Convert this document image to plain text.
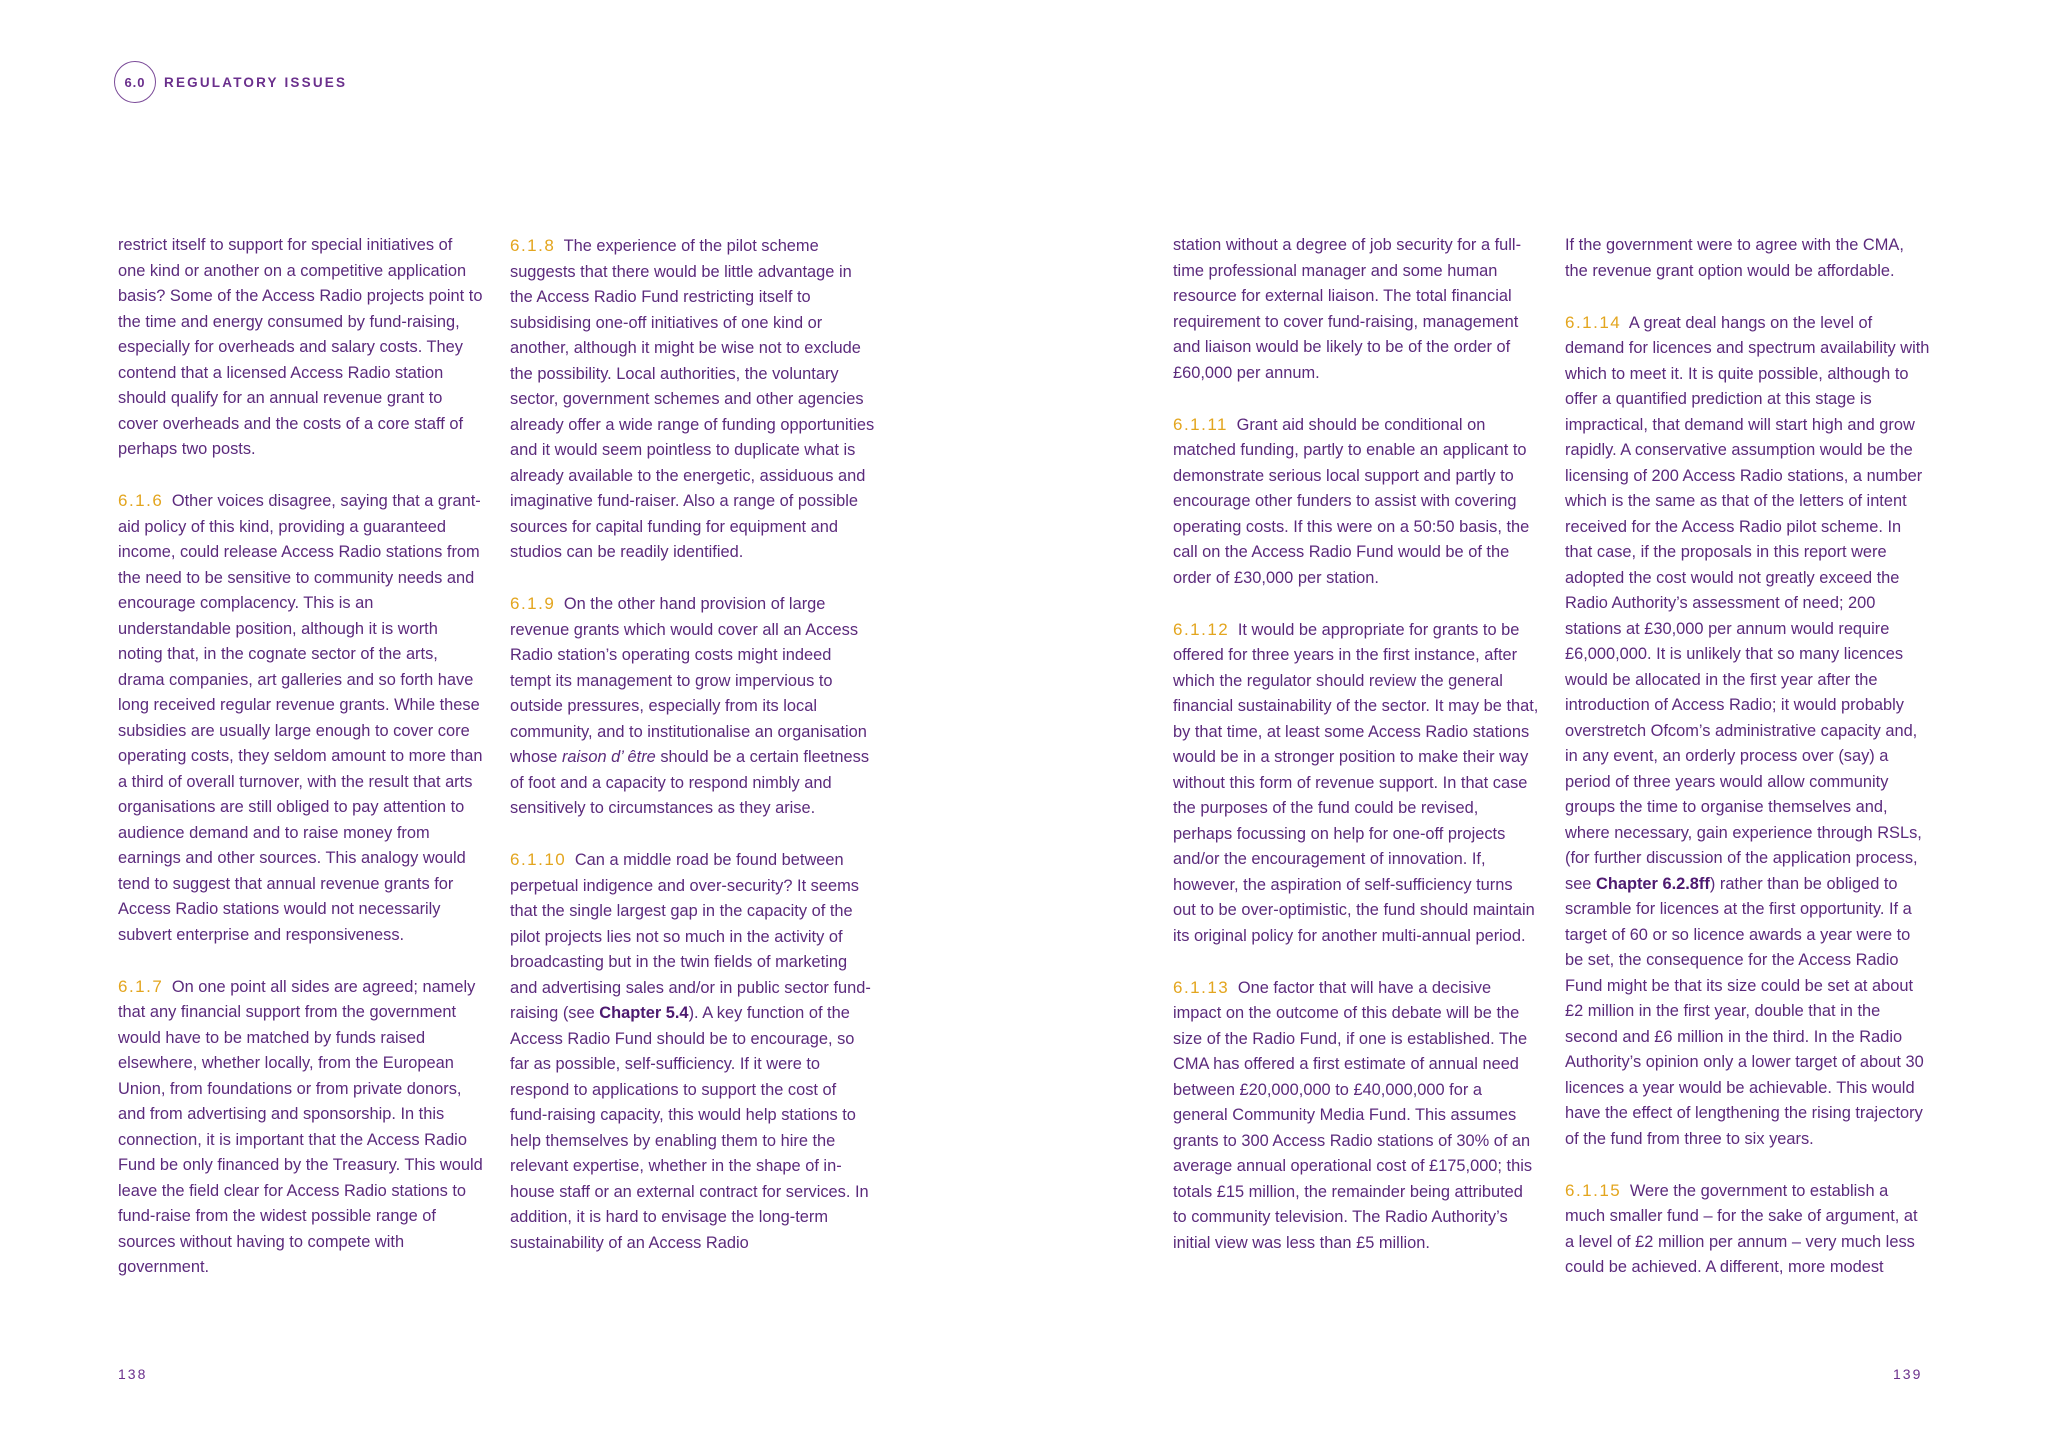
6.0	REGULATORY ISSUES

restrict itself to support for special initiatives of one kind or another on a competitive application basis? Some of the Access Radio projects point to the time and energy consumed by fund-raising, especially for overheads and salary costs. They contend that a licensed Access Radio station should qualify for an annual revenue grant to cover overheads and the costs of a core staff of perhaps two posts.

6.1.6 Other voices disagree, saying that a grant-aid policy of this kind, providing a guaranteed income, could release Access Radio stations from the need to be sensitive to community needs and encourage complacency. This is an understandable position, although it is worth noting that, in the cognate sector of the arts, drama companies, art galleries and so forth have long received regular revenue grants. While these subsidies are usually large enough to cover core operating costs, they seldom amount to more than a third of overall turnover, with the result that arts organisations are still obliged to pay attention to audience demand and to raise money from earnings and other sources. This analogy would tend to suggest that annual revenue grants for Access Radio stations would not necessarily subvert enterprise and responsiveness.

6.1.7 On one point all sides are agreed; namely that any financial support from the government would have to be matched by funds raised elsewhere, whether locally, from the European Union, from foundations or from private donors, and from advertising and sponsorship. In this connection, it is important that the Access Radio Fund be only financed by the Treasury. This would leave the field clear for Access Radio stations to fund-raise from the widest possible range of sources without having to compete with government.

6.1.8 The experience of the pilot scheme suggests that there would be little advantage in the Access Radio Fund restricting itself to subsidising one-off initiatives of one kind or another, although it might be wise not to exclude the possibility. Local authorities, the voluntary sector, government schemes and other agencies already offer a wide range of funding opportunities and it would seem pointless to duplicate what is already available to the energetic, assiduous and imaginative fund-raiser. Also a range of possible sources for capital funding for equipment and studios can be readily identified.

6.1.9 On the other hand provision of large revenue grants which would cover all an Access Radio station’s operating costs might indeed tempt its management to grow impervious to outside pressures, especially from its local community, and to institutionalise an organisation whose raison d’ être should be a certain fleetness of foot and a capacity to respond nimbly and sensitively to circumstances as they arise.

6.1.10 Can a middle road be found between perpetual indigence and over-security? It seems that the single largest gap in the capacity of the pilot projects lies not so much in the activity of broadcasting but in the twin fields of marketing and advertising sales and/or in public sector fund-raising (see Chapter 5.4). A key function of the Access Radio Fund should be to encourage, so far as possible, self-sufficiency. If it were to respond to applications to support the cost of fund-raising capacity, this would help stations to help themselves by enabling them to hire the relevant expertise, whether in the shape of in-house staff or an external contract for services. In addition, it is hard to envisage the long-term sustainability of an Access Radio

station without a degree of job security for a full-time professional manager and some human resource for external liaison. The total financial requirement to cover fund-raising, management and liaison would be likely to be of the order of £60,000 per annum.

6.1.11 Grant aid should be conditional on matched funding, partly to enable an applicant to demonstrate serious local support and partly to encourage other funders to assist with covering operating costs. If this were on a 50:50 basis, the call on the Access Radio Fund would be of the order of £30,000 per station.

6.1.12 It would be appropriate for grants to be offered for three years in the first instance, after which the regulator should review the general financial sustainability of the sector. It may be that, by that time, at least some Access Radio stations would be in a stronger position to make their way without this form of revenue support. In that case the purposes of the fund could be revised, perhaps focussing on help for one-off projects and/or the encouragement of innovation. If, however, the aspiration of self-sufficiency turns out to be over-optimistic, the fund should maintain its original policy for another multi-annual period.

6.1.13 One factor that will have a decisive impact on the outcome of this debate will be the size of the Radio Fund, if one is established. The CMA has offered a first estimate of annual need between £20,000,000 to £40,000,000 for a general Community Media Fund. This assumes grants to 300 Access Radio stations of 30% of an average annual operational cost of £175,000; this totals £15 million, the remainder being attributed to community television. The Radio Authority’s initial view was less than £5 million.

If the government were to agree with the CMA, the revenue grant option would be affordable.

6.1.14 A great deal hangs on the level of demand for licences and spectrum availability with which to meet it. It is quite possible, although to offer a quantified prediction at this stage is impractical, that demand will start high and grow rapidly. A conservative assumption would be the licensing of 200 Access Radio stations, a number which is the same as that of the letters of intent received for the Access Radio pilot scheme. In that case, if the proposals in this report were adopted the cost would not greatly exceed the Radio Authority’s assessment of need; 200 stations at £30,000 per annum would require £6,000,000. It is unlikely that so many licences would be allocated in the first year after the introduction of Access Radio; it would probably overstretch Ofcom’s administrative capacity and, in any event, an orderly process over (say) a period of three years would allow community groups the time to organise themselves and, where necessary, gain experience through RSLs, (for further discussion of the application process, see Chapter 6.2.8ff) rather than be obliged to scramble for licences at the first opportunity. If a target of 60 or so licence awards a year were to be set, the consequence for the Access Radio Fund might be that its size could be set at about £2 million in the first year, double that in the second and £6 million in the third. In the Radio Authority’s opinion only a lower target of about 30 licences a year would be achievable. This would have the effect of lengthening the rising trajectory of the fund from three to six years.

6.1.15 Were the government to establish a much smaller fund – for the sake of argument, at a level of £2 million per annum – very much less could be achieved. A different, more modest

138	139
